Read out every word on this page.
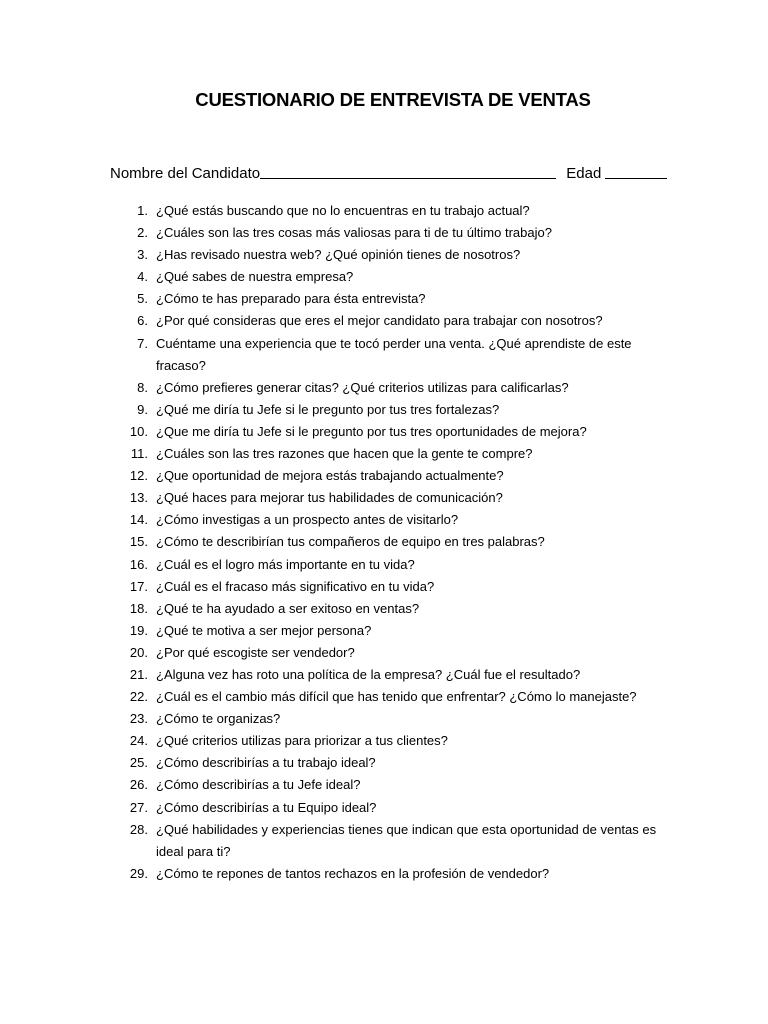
CUESTIONARIO DE ENTREVISTA DE VENTAS
Nombre del Candidato	Edad
1. ¿Qué estás buscando que no lo encuentras en tu trabajo actual?
2. ¿Cuáles son las tres cosas más valiosas para ti de tu último trabajo?
3. ¿Has revisado nuestra web? ¿Qué opinión tienes de nosotros?
4. ¿Qué sabes de nuestra empresa?
5. ¿Cómo te has preparado para ésta entrevista?
6. ¿Por qué consideras que eres el mejor candidato para trabajar con nosotros?
7. Cuéntame una experiencia que te tocó perder una venta. ¿Qué aprendiste de este fracaso?
8. ¿Cómo prefieres generar citas? ¿Qué criterios utilizas para calificarlas?
9. ¿Qué me diría tu Jefe si le pregunto por tus tres fortalezas?
10. ¿Que me diría tu Jefe si le pregunto por tus tres oportunidades de mejora?
11. ¿Cuáles son las tres razones que hacen que la gente te compre?
12. ¿Que oportunidad de mejora estás trabajando actualmente?
13. ¿Qué haces para mejorar tus habilidades de comunicación?
14. ¿Cómo investigas a un prospecto antes de visitarlo?
15. ¿Cómo te describirían tus compañeros de equipo en tres palabras?
16. ¿Cuál es el logro más importante en tu vida?
17. ¿Cuál es el fracaso más significativo en tu vida?
18. ¿Qué te ha ayudado a ser exitoso en ventas?
19. ¿Qué te motiva a ser mejor persona?
20. ¿Por qué escogiste ser vendedor?
21. ¿Alguna vez has roto una política de la empresa? ¿Cuál fue el resultado?
22. ¿Cuál es el cambio más difícil que has tenido que enfrentar? ¿Cómo lo manejaste?
23. ¿Cómo te organizas?
24. ¿Qué criterios utilizas para priorizar a tus clientes?
25. ¿Cómo describirías a tu trabajo ideal?
26. ¿Cómo describirías a tu Jefe ideal?
27. ¿Cómo describirías a tu Equipo ideal?
28. ¿Qué habilidades y experiencias tienes que indican que esta oportunidad de ventas es ideal para ti?
29. ¿Cómo te repones de tantos rechazos en la profesión de vendedor?
